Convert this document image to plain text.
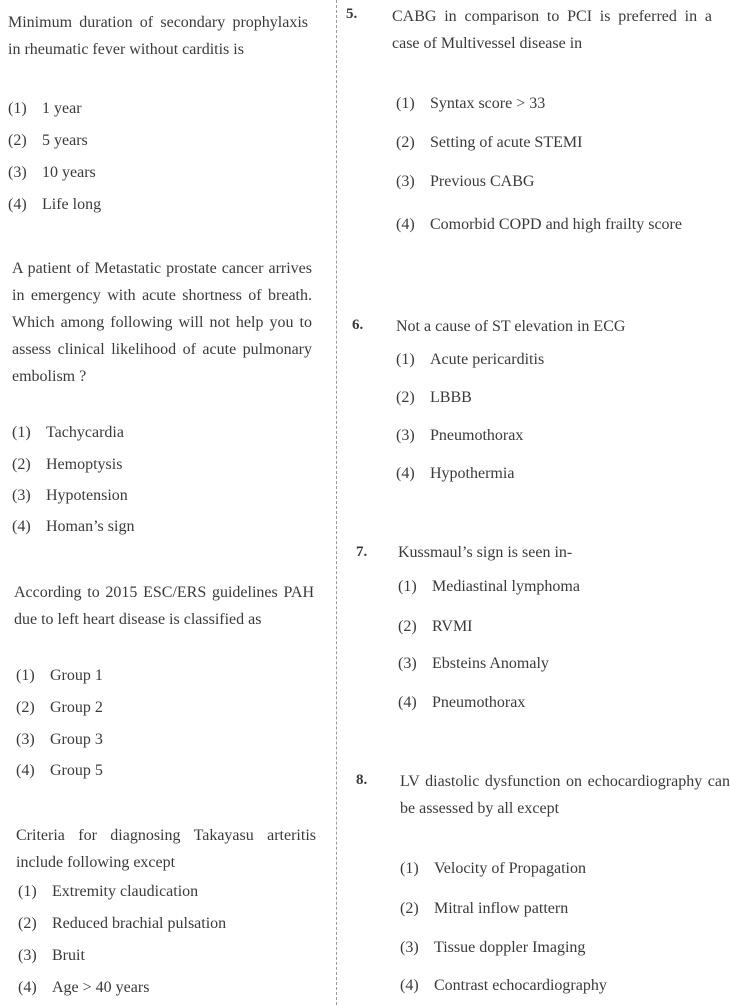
Minimum duration of secondary prophylaxis in rheumatic fever without carditis is

(1) 1 year
(2) 5 years
(3) 10 years
(4) Life long

A patient of Metastatic prostate cancer arrives in emergency with acute shortness of breath. Which among following will not help you to assess clinical likelihood of acute pulmonary embolism ?

(1) Tachycardia
(2) Hemoptysis
(3) Hypotension
(4) Homan’s sign

According to 2015 ESC/ERS guidelines PAH due to left heart disease is classified as

(1) Group 1
(2) Group 2
(3) Group 3
(4) Group 5

Criteria for diagnosing Takayasu arteritis include following except

(1) Extremity claudication
(2) Reduced brachial pulsation
(3) Bruit
(4) Age > 40 years
5. CABG in comparison to PCI is preferred in a case of Multivessel disease in

(1) Syntax score > 33
(2) Setting of acute STEMI
(3) Previous CABG
(4) Comorbid COPD and high frailty score
6. Not a cause of ST elevation in ECG

(1) Acute pericarditis
(2) LBBB
(3) Pneumothorax
(4) Hypothermia
7. Kussmaul’s sign is seen in-

(1) Mediastinal lymphoma
(2) RVMI
(3) Ebsteins Anomaly
(4) Pneumothorax
8. LV diastolic dysfunction on echocardiography can be assessed by all except

(1) Velocity of Propagation
(2) Mitral inflow pattern
(3) Tissue doppler Imaging
(4) Contrast echocardiography
